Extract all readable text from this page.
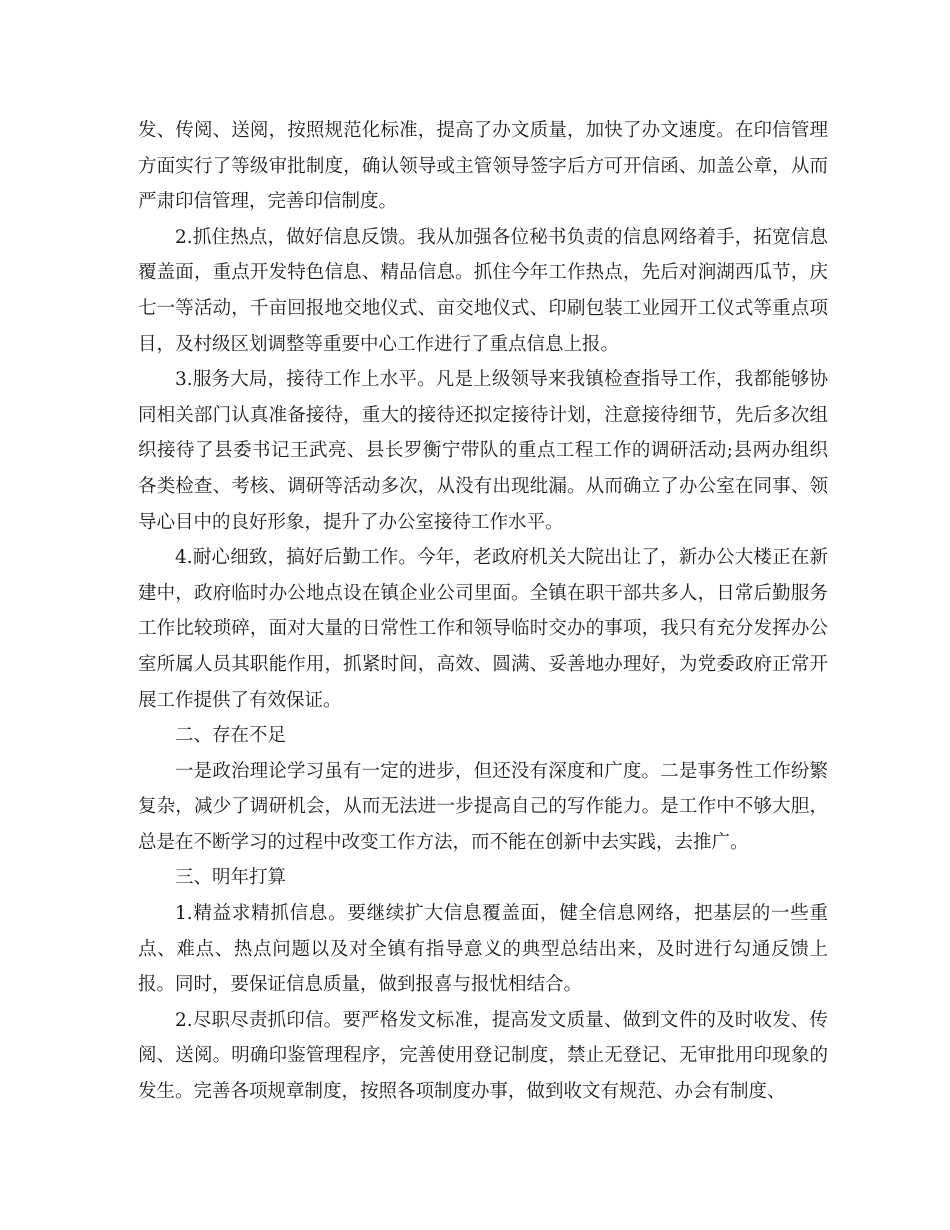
发、传阅、送阅，按照规范化标准，提高了办文质量，加快了办文速度。在印信管理方面实行了等级审批制度，确认领导或主管领导签字后方可开信函、加盖公章，从而严肃印信管理，完善印信制度。

2.抓住热点，做好信息反馈。我从加强各位秘书负责的信息网络着手，拓宽信息覆盖面，重点开发特色信息、精品信息。抓住今年工作热点，先后对涧湖西瓜节，庆七一等活动，千亩回报地交地仪式、亩交地仪式、印刷包装工业园开工仪式等重点项目，及村级区划调整等重要中心工作进行了重点信息上报。

3.服务大局，接待工作上水平。凡是上级领导来我镇检查指导工作，我都能够协同相关部门认真准备接待，重大的接待还拟定接待计划，注意接待细节，先后多次组织接待了县委书记王武亮、县长罗衡宁带队的重点工程工作的调研活动;县两办组织各类检查、考核、调研等活动多次，从没有出现纰漏。从而确立了办公室在同事、领导心目中的良好形象，提升了办公室接待工作水平。

4.耐心细致，搞好后勤工作。今年，老政府机关大院出让了，新办公大楼正在新建中，政府临时办公地点设在镇企业公司里面。全镇在职干部共多人，日常后勤服务工作比较琐碎，面对大量的日常性工作和领导临时交办的事项，我只有充分发挥办公室所属人员其职能作用，抓紧时间，高效、圆满、妥善地办理好，为党委政府正常开展工作提供了有效保证。

二、存在不足

一是政治理论学习虽有一定的进步，但还没有深度和广度。二是事务性工作纷繁复杂，减少了调研机会，从而无法进一步提高自己的写作能力。是工作中不够大胆，总是在不断学习的过程中改变工作方法，而不能在创新中去实践，去推广。

三、明年打算

1.精益求精抓信息。要继续扩大信息覆盖面，健全信息网络，把基层的一些重点、难点、热点问题以及对全镇有指导意义的典型总结出来，及时进行勾通反馈上报。同时，要保证信息质量，做到报喜与报忧相结合。

2.尽职尽责抓印信。要严格发文标准，提高发文质量、做到文件的及时收发、传阅、送阅。明确印鉴管理程序，完善使用登记制度，禁止无登记、无审批用印现象的发生。完善各项规章制度，按照各项制度办事，做到收文有规范、办会有制度、
